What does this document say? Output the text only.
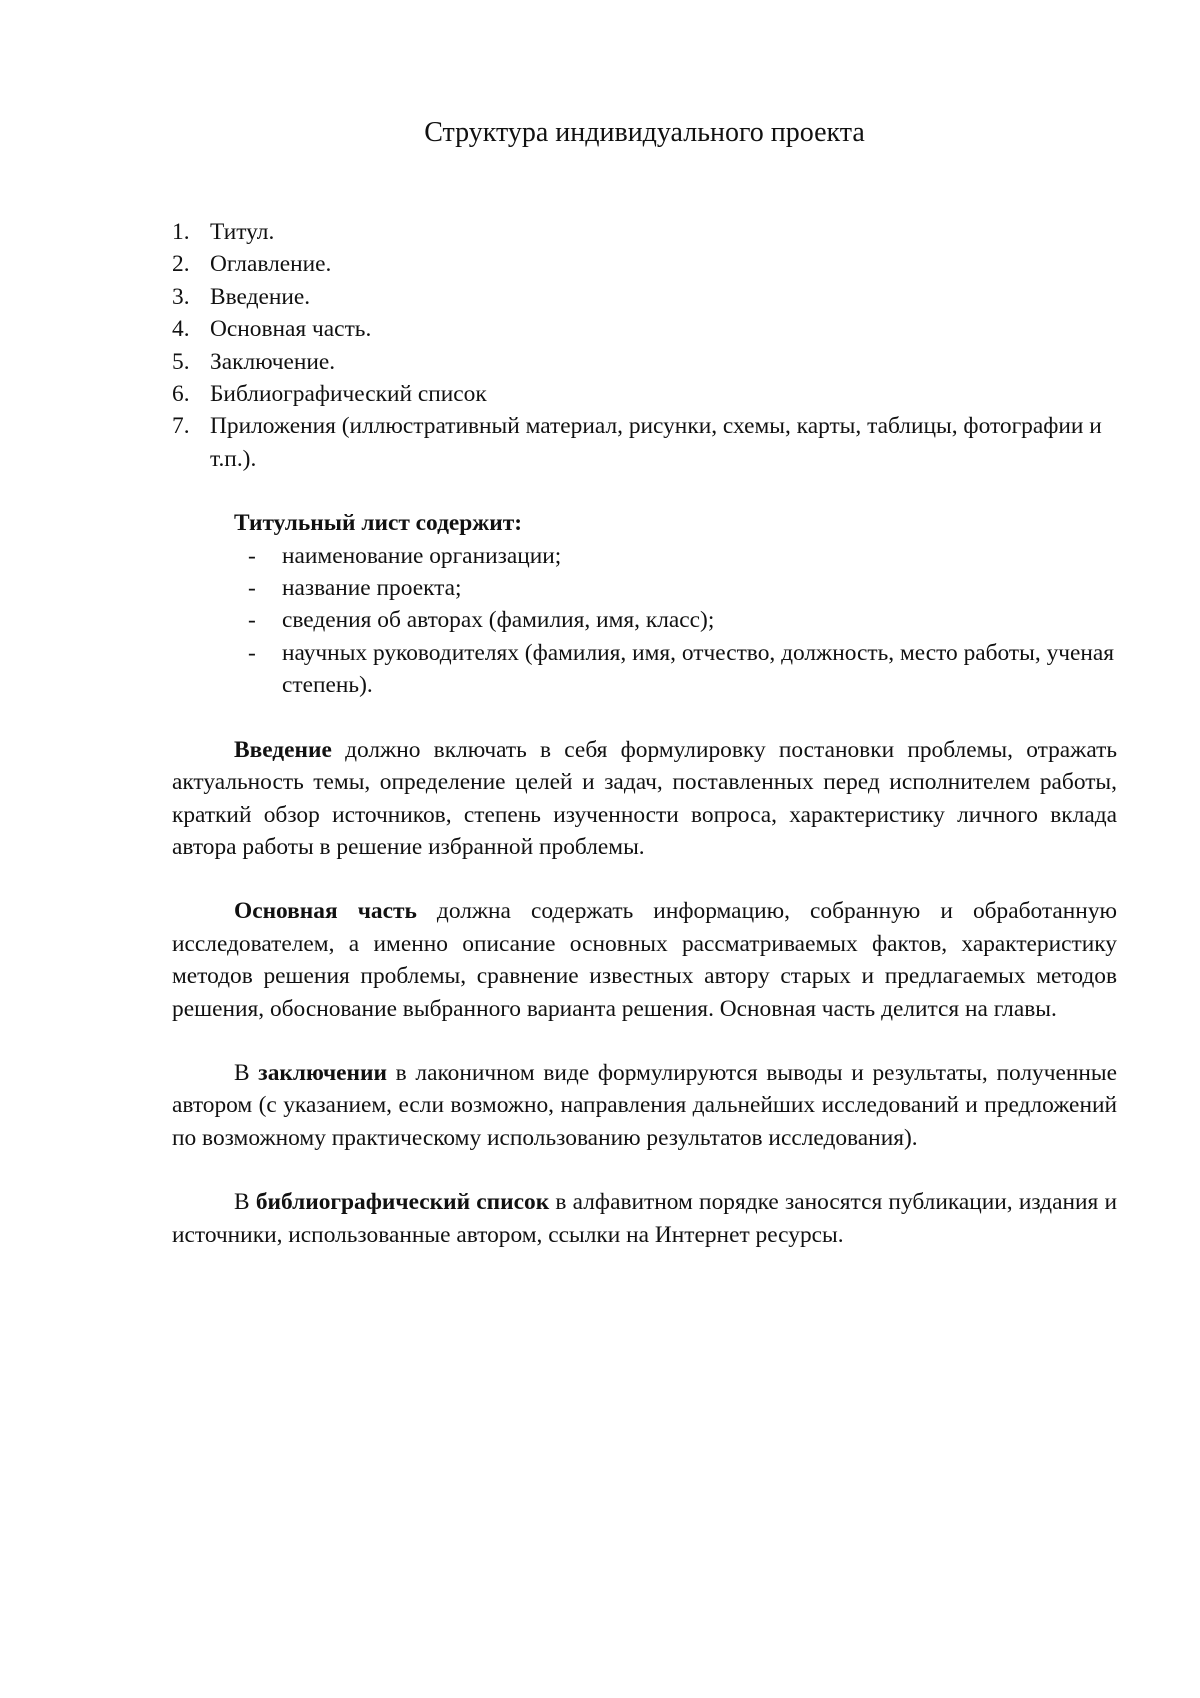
Структура индивидуального проекта
1. Титул.
2. Оглавление.
3. Введение.
4. Основная часть.
5. Заключение.
6. Библиографический список
7. Приложения (иллюстративный материал, рисунки, схемы, карты, таблицы, фотографии и т.п.).
Титульный лист содержит:
- наименование организации;
- название проекта;
- сведения об авторах (фамилия, имя, класс);
- научных руководителях (фамилия, имя, отчество, должность, место работы, ученая степень).

Введение должно включать в себя формулировку постановки проблемы, отражать актуальность темы, определение целей и задач, поставленных перед исполнителем работы, краткий обзор источников, степень изученности вопроса, характеристику личного вклада автора работы в решение избранной проблемы.

Основная часть должна содержать информацию, собранную и обработанную исследователем, а именно описание основных рассматриваемых фактов, характеристику методов решения проблемы, сравнение известных автору старых и предлагаемых методов решения, обоснование выбранного варианта решения. Основная часть делится на главы.

В заключении в лаконичном виде формулируются выводы и результаты, полученные автором (с указанием, если возможно, направления дальнейших исследований и предложений по возможному практическому использованию результатов исследования).

В библиографический список в алфавитном порядке заносятся публикации, издания и источники, использованные автором, ссылки на Интернет ресурсы.
